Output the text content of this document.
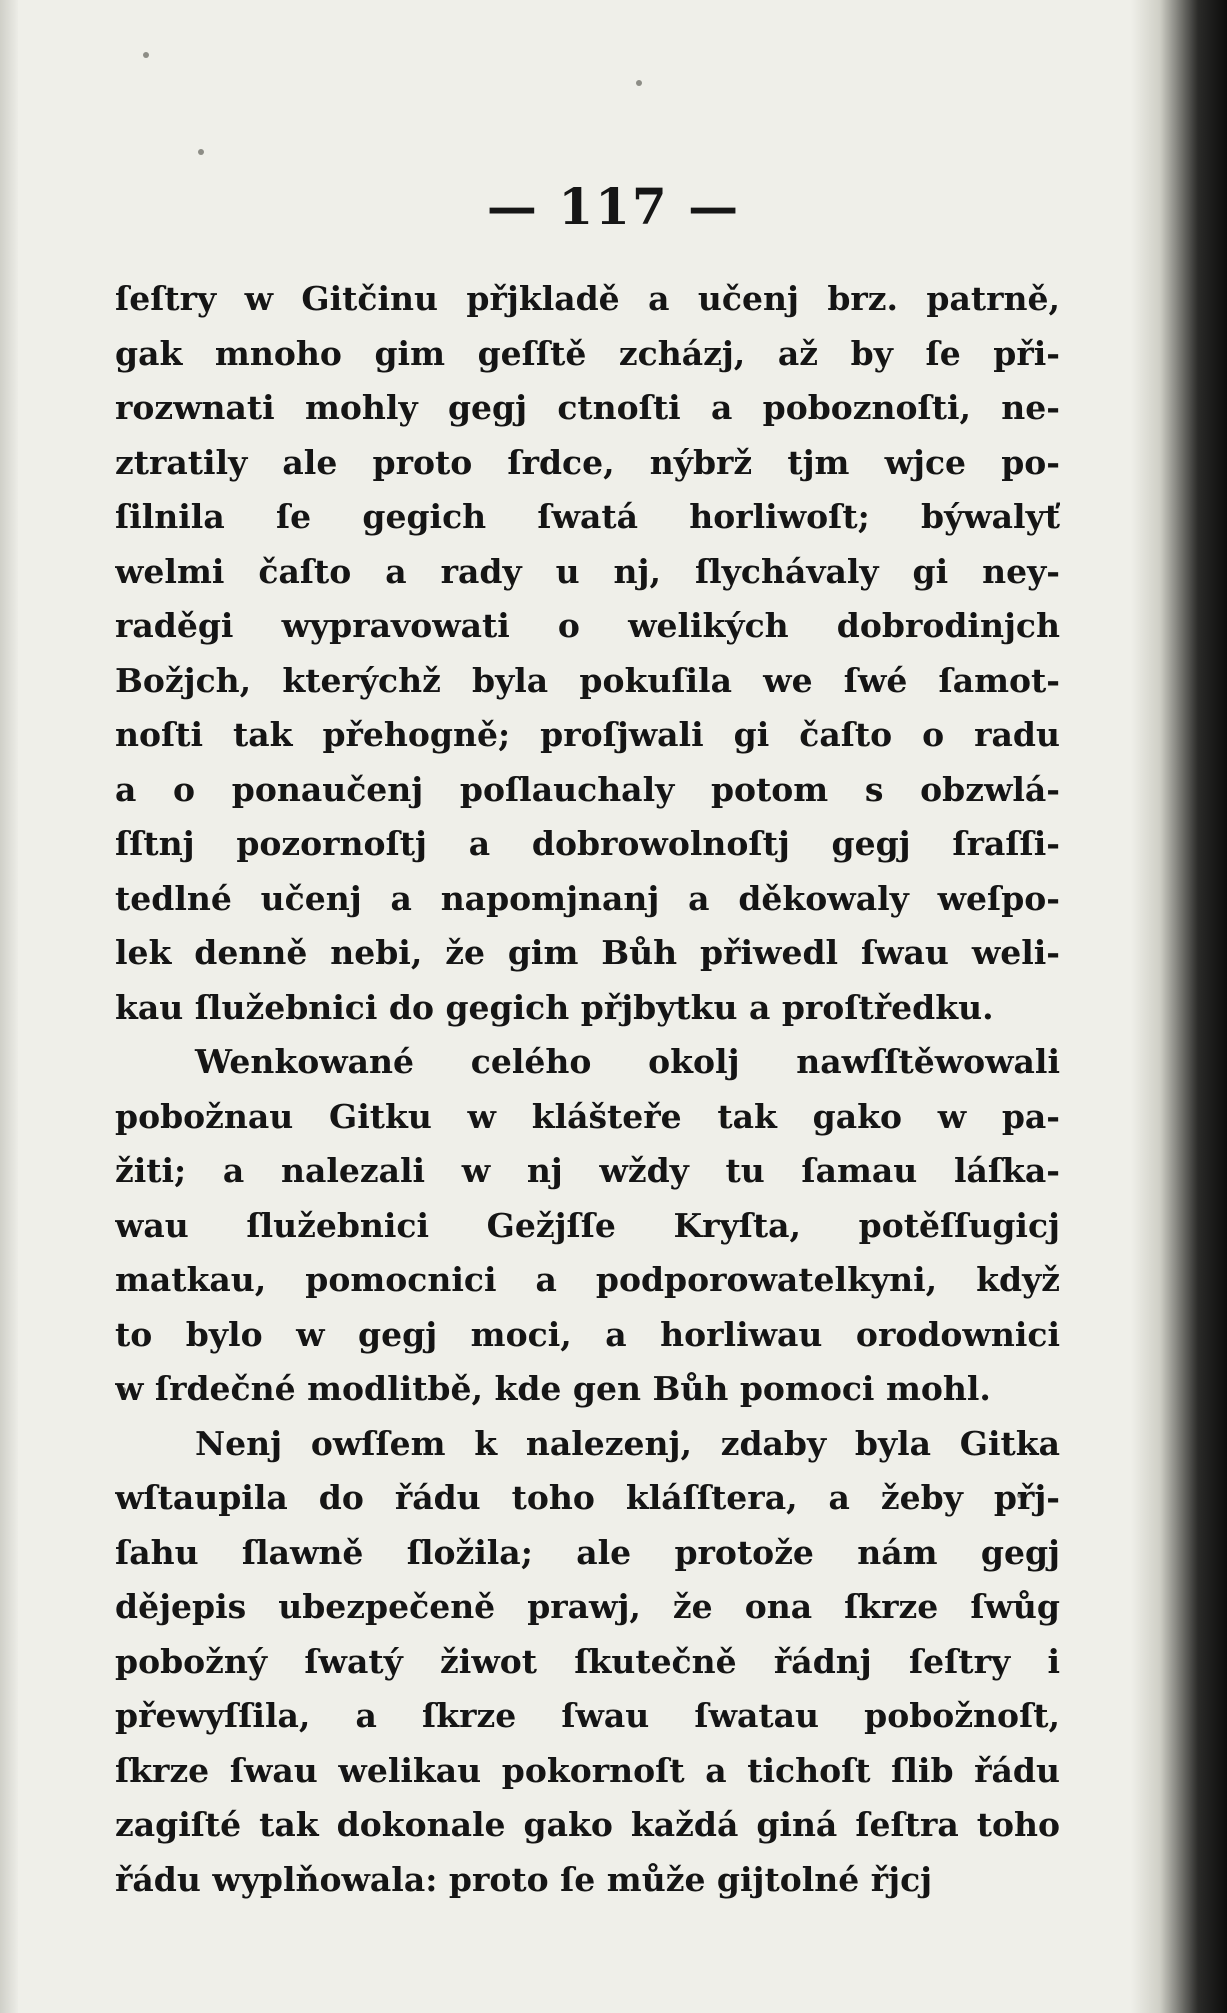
— 117 —
ſeſtry w Gitčinu přjkladě a učenj brz. patrně,
gak mnoho gim geſſtě zcházj, až by ſe při-
rozwnati mohly gegj ctnoſti a poboznoſti, ne-
ztratily ale proto ſrdce, nýbrž tjm wjce po-
ſilnila ſe gegich ſwatá horliwoſt; býwalyť
welmi čaſto a rady u nj, ſlychávaly gi ney-
raděgi wypravowati o welikých dobrodinjch
Božjch, kterýchž byla pokuſila we ſwé ſamot-
noſti tak přehogně; proſjwali gi čaſto o radu
a o ponaučenj poſlauchaly potom s obzwlá-
ſſtnj pozornoſtj a dobrowolnoſtj gegj ſraſſi-
tedlné učenj a napomjnanj a děkowaly weſpo-
lek denně nebi, že gim Bůh přiwedl ſwau weli-
kau ſlužebnici do gegich přjbytku a proſtředku.
Wenkowané celého okolj nawſſtěwowali
pobožnau Gitku w klášteře tak gako w pa-
žiti; a nalezali w nj wždy tu ſamau láſka-
wau ſlužebnici Gežjſſe Kryſta, potěſſugicj
matkau, pomocnici a podporowatelkyni, když
to bylo w gegj moci, a horliwau orodownici
w ſrdečné modlitbě, kde gen Bůh pomoci mohl.
Nenj owſſem k nalezenj, zdaby byla Gitka
wſtaupila do řádu toho kláſſtera, a žeby přj-
ſahu ſlawně ſložila; ale protože nám gegj
dějepis ubezpečeně prawj, že ona ſkrze ſwůg
pobožný ſwatý žiwot ſkutečně řádnj ſeſtry i
přewyſſila, a ſkrze ſwau ſwatau pobožnoſt,
ſkrze ſwau welikau pokornoſt a tichoſt ſlib řádu
zagiſté tak dokonale gako každá giná ſeſtra toho
řádu wyplňowala: proto ſe může gijtolné řjcj
